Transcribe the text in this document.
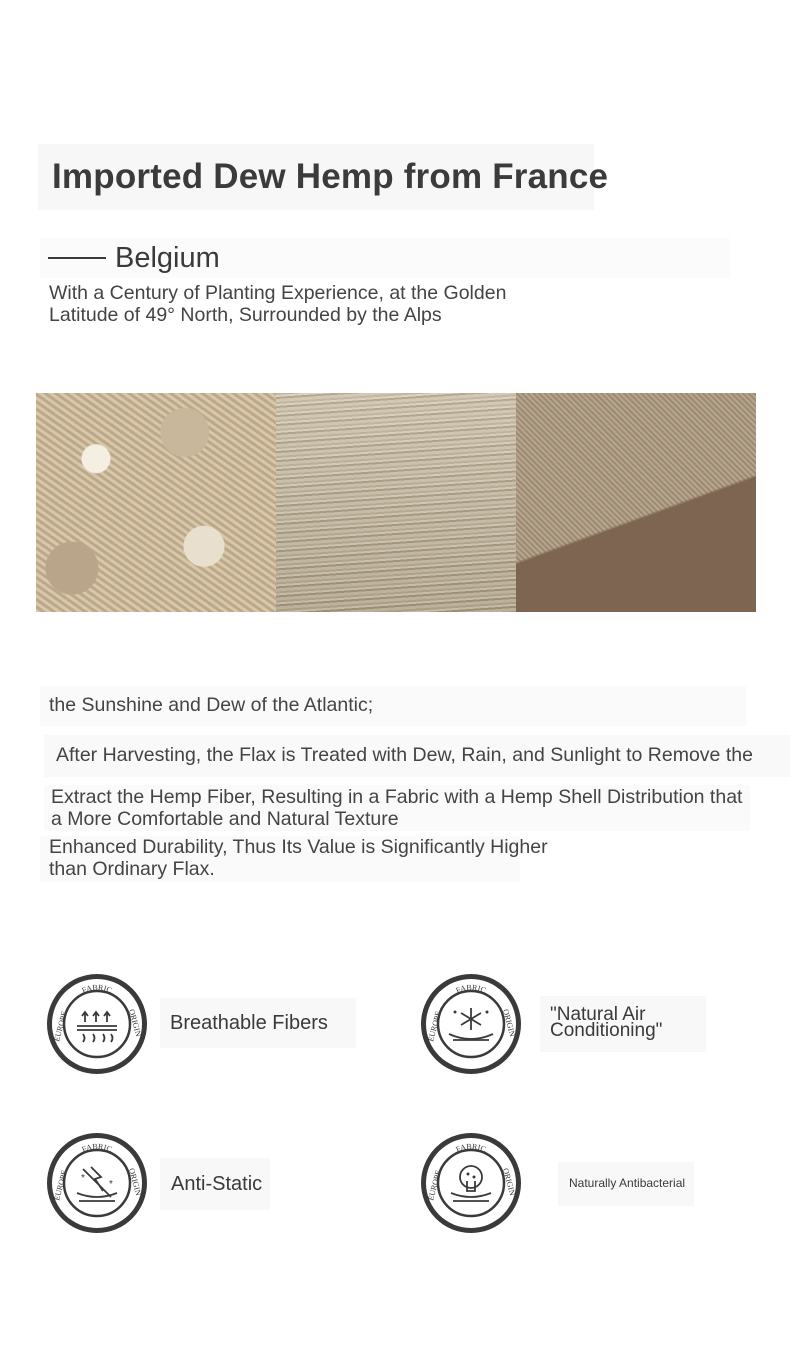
Imported Dew Hemp from France
Belgium
With a Century of Planting Experience, at the Golden
Latitude of 49° North, Surrounded by the Alps
the Sunshine and Dew of the Atlantic;
After Harvesting, the Flax is Treated with Dew, Rain, and Sunlight to Remove the
Extract the Hemp Fiber, Resulting in a Fabric with a Hemp Shell Distribution that
a More Comfortable and Natural Texture
Enhanced Durability, Thus Its Value is Significantly Higher
than Ordinary Flax.
FABRIC
EUROPE	ORIGIN
FABRIC
EUROPE	ORIGIN
FABRIC
EUROPE	ORIGIN
*
*
FABRIC
EUROPE	ORIGIN
Breathable Fibers	"Natural Air
Conditioning"
Anti-Static	Naturally Antibacterial
